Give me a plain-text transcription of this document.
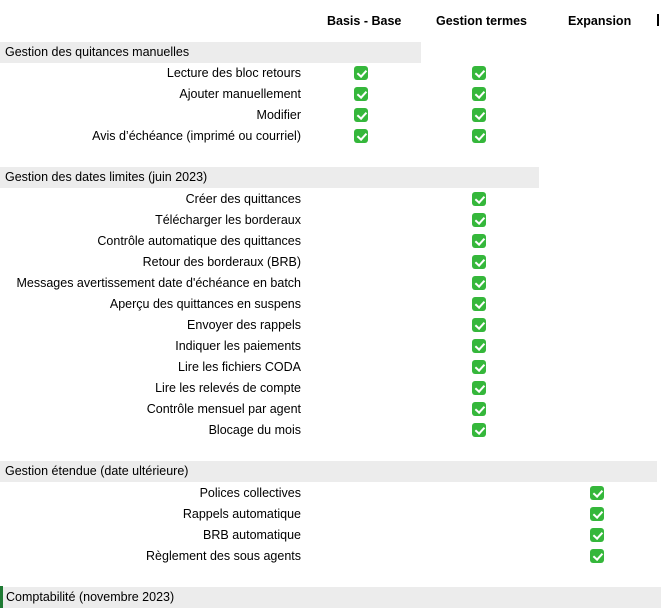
Basis - Base	Gestion termes	Expansion
Gestion des quitances manuelles
Gestion des dates limites (juin 2023)
Gestion étendue (date ultérieure)
Comptabilité (novembre 2023)
Lecture des bloc retours
Ajouter manuellement
Modifier
Avis d’échéance (imprimé ou courriel)
Créer des quittances
Télécharger les borderaux
Contrôle automatique des quittances
Retour des borderaux (BRB)
Messages avertissement date d'échéance en batch
Aperçu des quittances en suspens
Envoyer des rappels
Indiquer les paiements
Lire les fichiers CODA
Lire les relevés de compte
Contrôle mensuel par agent
Blocage du mois
Polices collectives
Rappels automatique
BRB automatique
Règlement des sous agents
